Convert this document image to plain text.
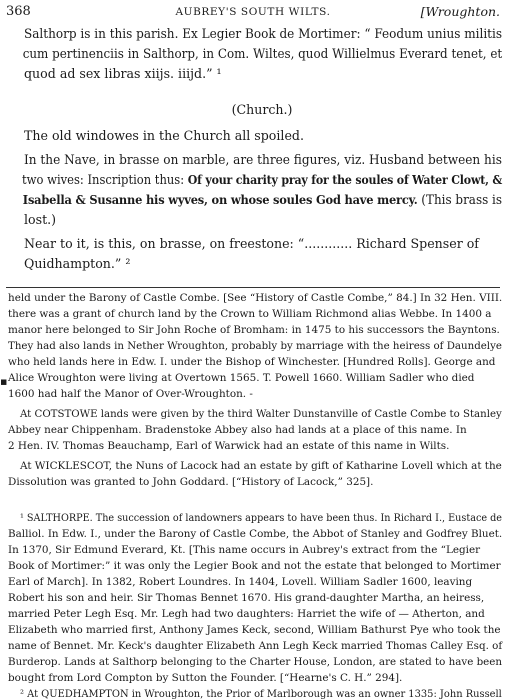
368	AUBREY'S SOUTH WILTS.	[Wroughton.
Salthorp is in this parish. Ex Legier Book de Mortimer: “ Feodum unius militis
cum pertinenciis in Salthorp, in Com. Wiltes, quod Willielmus Everard tenet, et
quod ad sex libras xiijs. iiijd.” ¹
(Church.)
The old windowes in the Church all spoiled.
In the Nave, in brasse on marble, are three figures, viz. Husband between his
two wives: Inscription thus: Of your charity pray for the soules of Water Clowt, &
Isabella & Susanne his wyves, on whose soules God have mercy. (This brass is
lost.)
Near to it, is this, on brasse, on freestone: “............ Richard Spenser of
Quidhampton.” ²
▪
held under the Barony of Castle Combe. [See “History of Castle Combe,” 84.] In 32 Hen. VIII.
there was a grant of church land by the Crown to William Richmond alias Webbe. In 1400 a
manor here belonged to Sir John Roche of Bromham: in 1475 to his successors the Bayntons.
They had also lands in Nether Wroughton, probably by marriage with the heiress of Daundelye
who held lands here in Edw. I. under the Bishop of Winchester. [Hundred Rolls]. George and
Alice Wroughton were living at Overtown 1565. T. Powell 1660. William Sadler who died
1600 had half the Manor of Over-Wroughton. -
At COTSTOWE lands were given by the third Walter Dunstanville of Castle Combe to Stanley
Abbey near Chippenham. Bradenstoke Abbey also had lands at a place of this name. In
2 Hen. IV. Thomas Beauchamp, Earl of Warwick had an estate of this name in Wilts.
At WICKLESCOT, the Nuns of Lacock had an estate by gift of Katharine Lovell which at the
Dissolution was granted to John Goddard. [“History of Lacock,” 325].
¹ SALTHORPE. The succession of landowners appears to have been thus. In Richard I., Eustace de
Balliol. In Edw. I., under the Barony of Castle Combe, the Abbot of Stanley and Godfrey Bluet.
In 1370, Sir Edmund Everard, Kt. [This name occurs in Aubrey's extract from the “Legier
Book of Mortimer:” it was only the Legier Book and not the estate that belonged to Mortimer
Earl of March]. In 1382, Robert Loundres. In 1404, Lovell. William Sadler 1600, leaving
Robert his son and heir. Sir Thomas Bennet 1670. His grand-daughter Martha, an heiress,
married Peter Legh Esq. Mr. Legh had two daughters: Harriet the wife of — Atherton, and
Elizabeth who married first, Anthony James Keck, second, William Bathurst Pye who took the
name of Bennet. Mr. Keck's daughter Elizabeth Ann Legh Keck married Thomas Calley Esq. of
Burderop. Lands at Salthorp belonging to the Charter House, London, are stated to have been
bought from Lord Compton by Sutton the Founder. [“Hearne's C. H.” 294].
² At QUEDHAMPTON in Wroughton, the Prior of Marlborough was an owner 1335: John Russell
